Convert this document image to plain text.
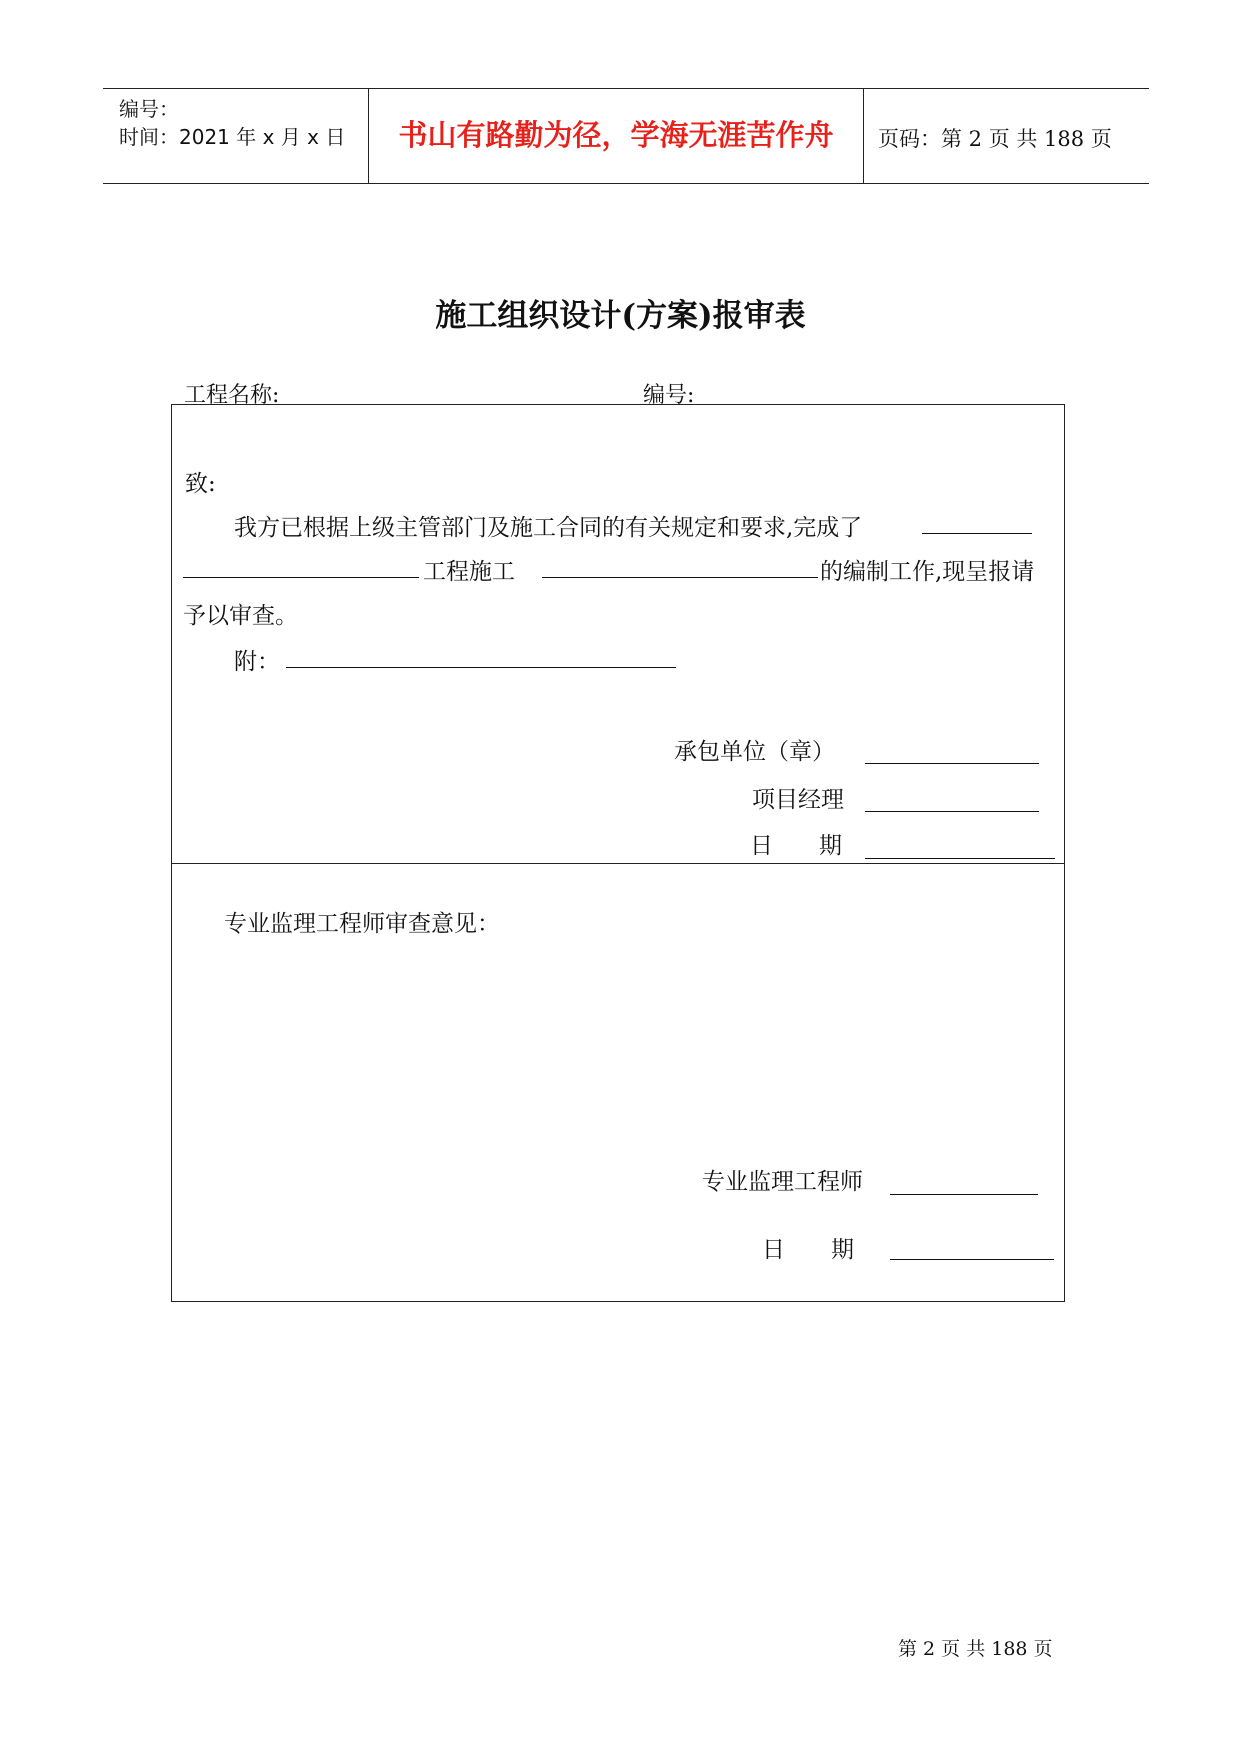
编号：
时间：2021 年 x 月 x 日	书山有路勤为径，学海无涯苦作舟	页码：第 2 页 共 188 页
施工组织设计(方案)报审表
工程名称:	编号:
致:
我方已根据上级主管部门及施工合同的有关规定和要求,完成了
工程施工	的编制工作,现呈报请
予以审查。
附：
承包单位（章）
项目经理
日　　期
专业监理工程师审查意见：
专业监理工程师
日　　期
第 2 页 共 188 页
